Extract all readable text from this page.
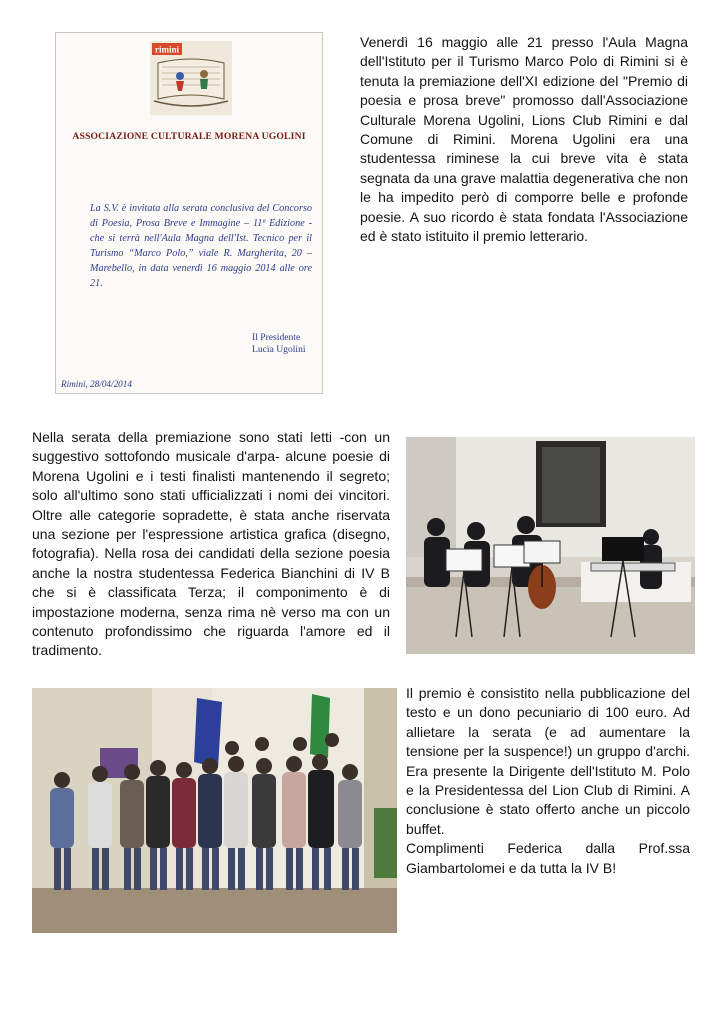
rimini
ASSOCIAZIONE CULTURALE MORENA UGOLINI
La S.V. è invitata alla serata conclusiva del Concorso di Poesia, Prosa Breve e Immagine – 11ª Edizione - che si terrà nell'Aula Magna dell'Ist. Tecnico per il Turismo “Marco Polo,” viale R. Margherita, 20 – Marebello, in data venerdì 16 maggio 2014 alle ore 21.
Il Presidente
Lucia Ugolini
Rimini, 28/04/2014

Venerdì 16 maggio alle 21 presso l'Aula Magna dell'Istituto per il Turismo Marco Polo di Rimini si è tenuta la premiazione dell'XI edizione del "Premio di poesia e prosa breve" promosso dall'Associazione Culturale Morena Ugolini, Lions Club Rimini e dal Comune di Rimini. Morena Ugolini era una studentessa riminese la cui breve vita è stata segnata da una grave malattia degenerativa che non le ha impedito però di comporre belle e profonde poesie. A suo ricordo è stata fondata l'Associazione ed è stato istituito il premio letterario.

Nella serata della premiazione sono stati letti -con un suggestivo sottofondo musicale d'arpa- alcune poesie di Morena Ugolini e i testi finalisti mantenendo il segreto; solo all'ultimo sono stati ufficializzati i nomi dei vincitori. Oltre alle categorie sopradette, è stata anche riservata una sezione per l'espressione artistica grafica (disegno, fotografia). Nella rosa dei candidati della sezione poesia anche la nostra studentessa Federica Bianchini di IV B che si è classificata Terza; il componimento è di impostazione moderna, senza rima nè verso ma con un contenuto profondissimo che riguarda l'amore ed il tradimento.

Il premio è consistito nella pubblicazione del testo e un dono pecuniario di 100 euro. Ad allietare la serata (e ad aumentare la tensione per la suspence!) un gruppo d'archi. Era presente la Dirigente dell'Istituto M. Polo e la Presidentessa del Lion Club di Rimini. A conclusione è stato offerto anche un piccolo buffet.

Complimenti Federica dalla Prof.ssa Giambartolomei e da tutta la IV B!
